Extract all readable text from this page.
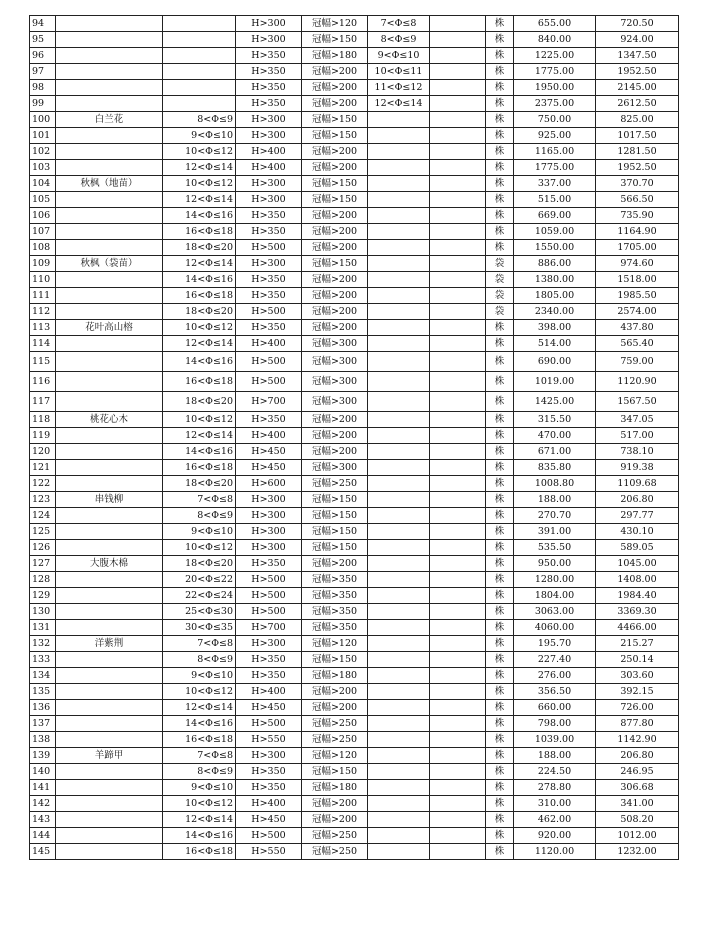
94			H>300	冠幅>120	7<Φ≤8		株	655.00	720.50
95			H>300	冠幅>150	8<Φ≤9		株	840.00	924.00
96			H>350	冠幅>180	9<Φ≤10		株	1225.00	1347.50
97			H>350	冠幅>200	10<Φ≤11		株	1775.00	1952.50
98			H>350	冠幅>200	11<Φ≤12		株	1950.00	2145.00
99			H>350	冠幅>200	12<Φ≤14		株	2375.00	2612.50
100	白兰花	8<Φ≤9	H>300	冠幅>150			株	750.00	825.00
101		9<Φ≤10	H>300	冠幅>150			株	925.00	1017.50
102		10<Φ≤12	H>400	冠幅>200			株	1165.00	1281.50
103		12<Φ≤14	H>400	冠幅>200			株	1775.00	1952.50
104	秋枫（地苗）	10<Φ≤12	H>300	冠幅>150			株	337.00	370.70
105		12<Φ≤14	H>300	冠幅>150			株	515.00	566.50
106		14<Φ≤16	H>350	冠幅>200			株	669.00	735.90
107		16<Φ≤18	H>350	冠幅>200			株	1059.00	1164.90
108		18<Φ≤20	H>500	冠幅>200			株	1550.00	1705.00
109	秋枫（袋苗）	12<Φ≤14	H>300	冠幅>150			袋	886.00	974.60
110		14<Φ≤16	H>350	冠幅>200			袋	1380.00	1518.00
111		16<Φ≤18	H>350	冠幅>200			袋	1805.00	1985.50
112		18<Φ≤20	H>500	冠幅>200			袋	2340.00	2574.00
113	花叶高山榕	10<Φ≤12	H>350	冠幅>200			株	398.00	437.80
114		12<Φ≤14	H>400	冠幅>300			株	514.00	565.40
115		14<Φ≤16	H>500	冠幅>300			株	690.00	759.00
116		16<Φ≤18	H>500	冠幅>300			株	1019.00	1120.90
117		18<Φ≤20	H>700	冠幅>300			株	1425.00	1567.50
118	桃花心木	10<Φ≤12	H>350	冠幅>200			株	315.50	347.05
119		12<Φ≤14	H>400	冠幅>200			株	470.00	517.00
120		14<Φ≤16	H>450	冠幅>200			株	671.00	738.10
121		16<Φ≤18	H>450	冠幅>300			株	835.80	919.38
122		18<Φ≤20	H>600	冠幅>250			株	1008.80	1109.68
123	串钱柳	7<Φ≤8	H>300	冠幅>150			株	188.00	206.80
124		8<Φ≤9	H>300	冠幅>150			株	270.70	297.77
125		9<Φ≤10	H>300	冠幅>150			株	391.00	430.10
126		10<Φ≤12	H>300	冠幅>150			株	535.50	589.05
127	大腹木棉	18<Φ≤20	H>350	冠幅>200			株	950.00	1045.00
128		20<Φ≤22	H>500	冠幅>350			株	1280.00	1408.00
129		22<Φ≤24	H>500	冠幅>350			株	1804.00	1984.40
130		25<Φ≤30	H>500	冠幅>350			株	3063.00	3369.30
131		30<Φ≤35	H>700	冠幅>350			株	4060.00	4466.00
132	洋紫荆	7<Φ≤8	H>300	冠幅>120			株	195.70	215.27
133		8<Φ≤9	H>350	冠幅>150			株	227.40	250.14
134		9<Φ≤10	H>350	冠幅>180			株	276.00	303.60
135		10<Φ≤12	H>400	冠幅>200			株	356.50	392.15
136		12<Φ≤14	H>450	冠幅>200			株	660.00	726.00
137		14<Φ≤16	H>500	冠幅>250			株	798.00	877.80
138		16<Φ≤18	H>550	冠幅>250			株	1039.00	1142.90
139	羊蹄甲	7<Φ≤8	H>300	冠幅>120			株	188.00	206.80
140		8<Φ≤9	H>350	冠幅>150			株	224.50	246.95
141		9<Φ≤10	H>350	冠幅>180			株	278.80	306.68
142		10<Φ≤12	H>400	冠幅>200			株	310.00	341.00
143		12<Φ≤14	H>450	冠幅>200			株	462.00	508.20
144		14<Φ≤16	H>500	冠幅>250			株	920.00	1012.00
145		16<Φ≤18	H>550	冠幅>250			株	1120.00	1232.00
